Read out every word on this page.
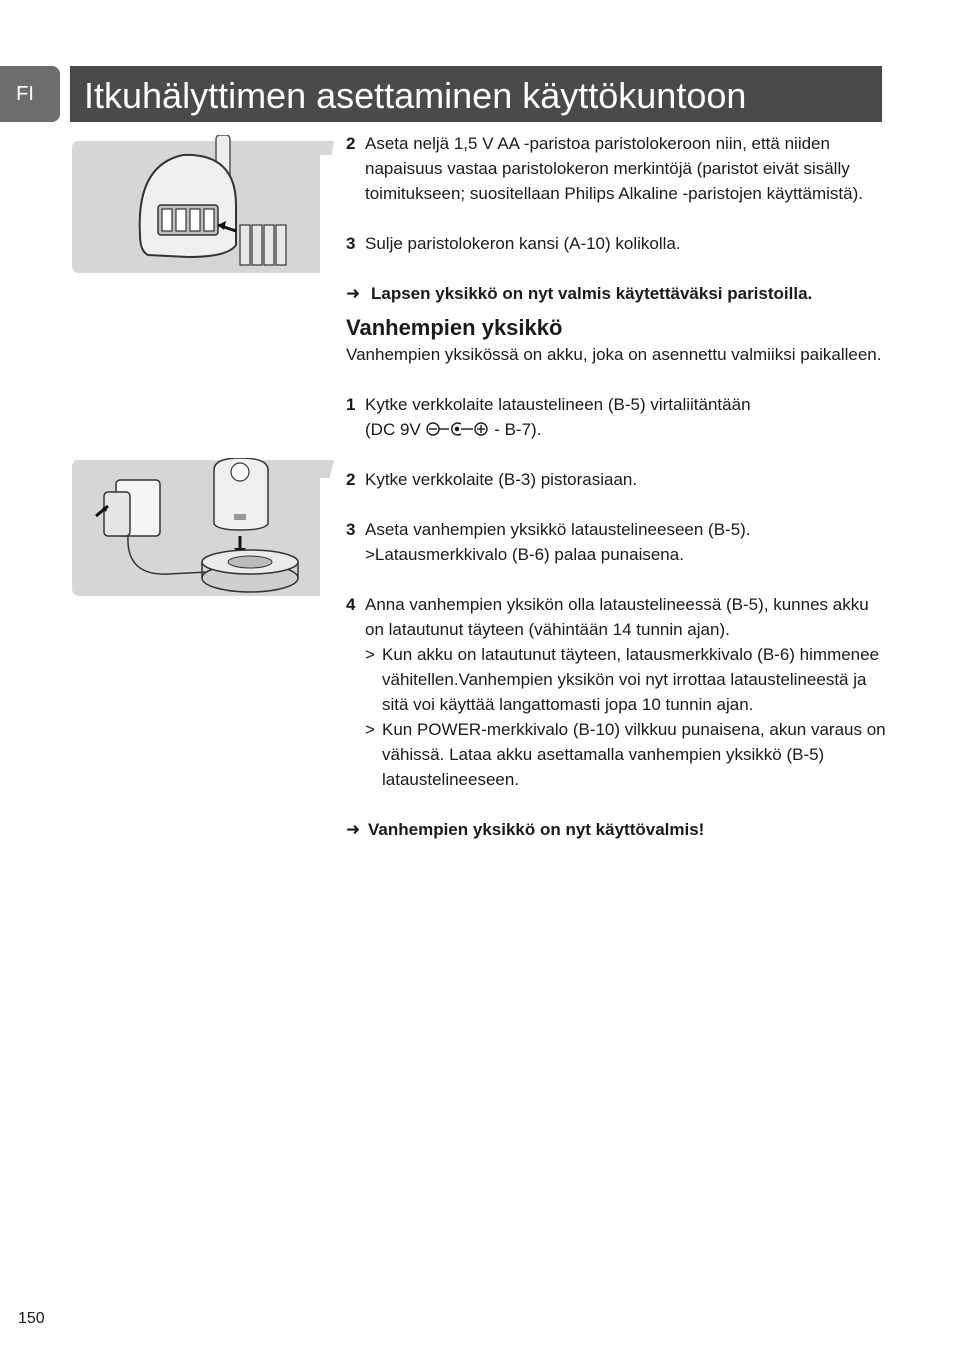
FI	Itkuhälyttimen asettaminen käyttökuntoon
2 Aseta neljä 1,5 V AA -paristoa paristolokeroon niin, että niiden napaisuus vastaa paristolokeron merkintöjä (paristot eivät sisälly toimitukseen; suositellaan Philips Alkaline -paristojen käyttämistä).
3 Sulje paristolokeron kansi (A-10) kolikolla.
➜ Lapsen yksikkö on nyt valmis käytettäväksi paristoilla.
Vanhempien yksikkö
Vanhempien yksikössä on akku, joka on asennettu valmiiksi paikalleen.
1 Kytke verkkolaite lataustelineen (B-5) virtaliitäntään
(DC 9V	- B-7).
2 Kytke verkkolaite (B-3) pistorasiaan.
3 Aseta vanhempien yksikkö lataustelineeseen (B-5).
>Latausmerkkivalo (B-6) palaa punaisena.
4 Anna vanhempien yksikön olla lataustelineessä (B-5), kunnes akku on latautunut täyteen (vähintään 14 tunnin ajan).
> Kun akku on latautunut täyteen, latausmerkkivalo (B-6) himmenee vähitellen.Vanhempien yksikön voi nyt irrottaa lataustelineestä ja sitä voi käyttää langattomasti jopa 10 tunnin ajan.
> Kun POWER-merkkivalo (B-10) vilkkuu punaisena, akun varaus on vähissä. Lataa akku asettamalla vanhempien yksikkö (B-5) lataustelineeseen.
➜ Vanhempien yksikkö on nyt käyttövalmis!
150
